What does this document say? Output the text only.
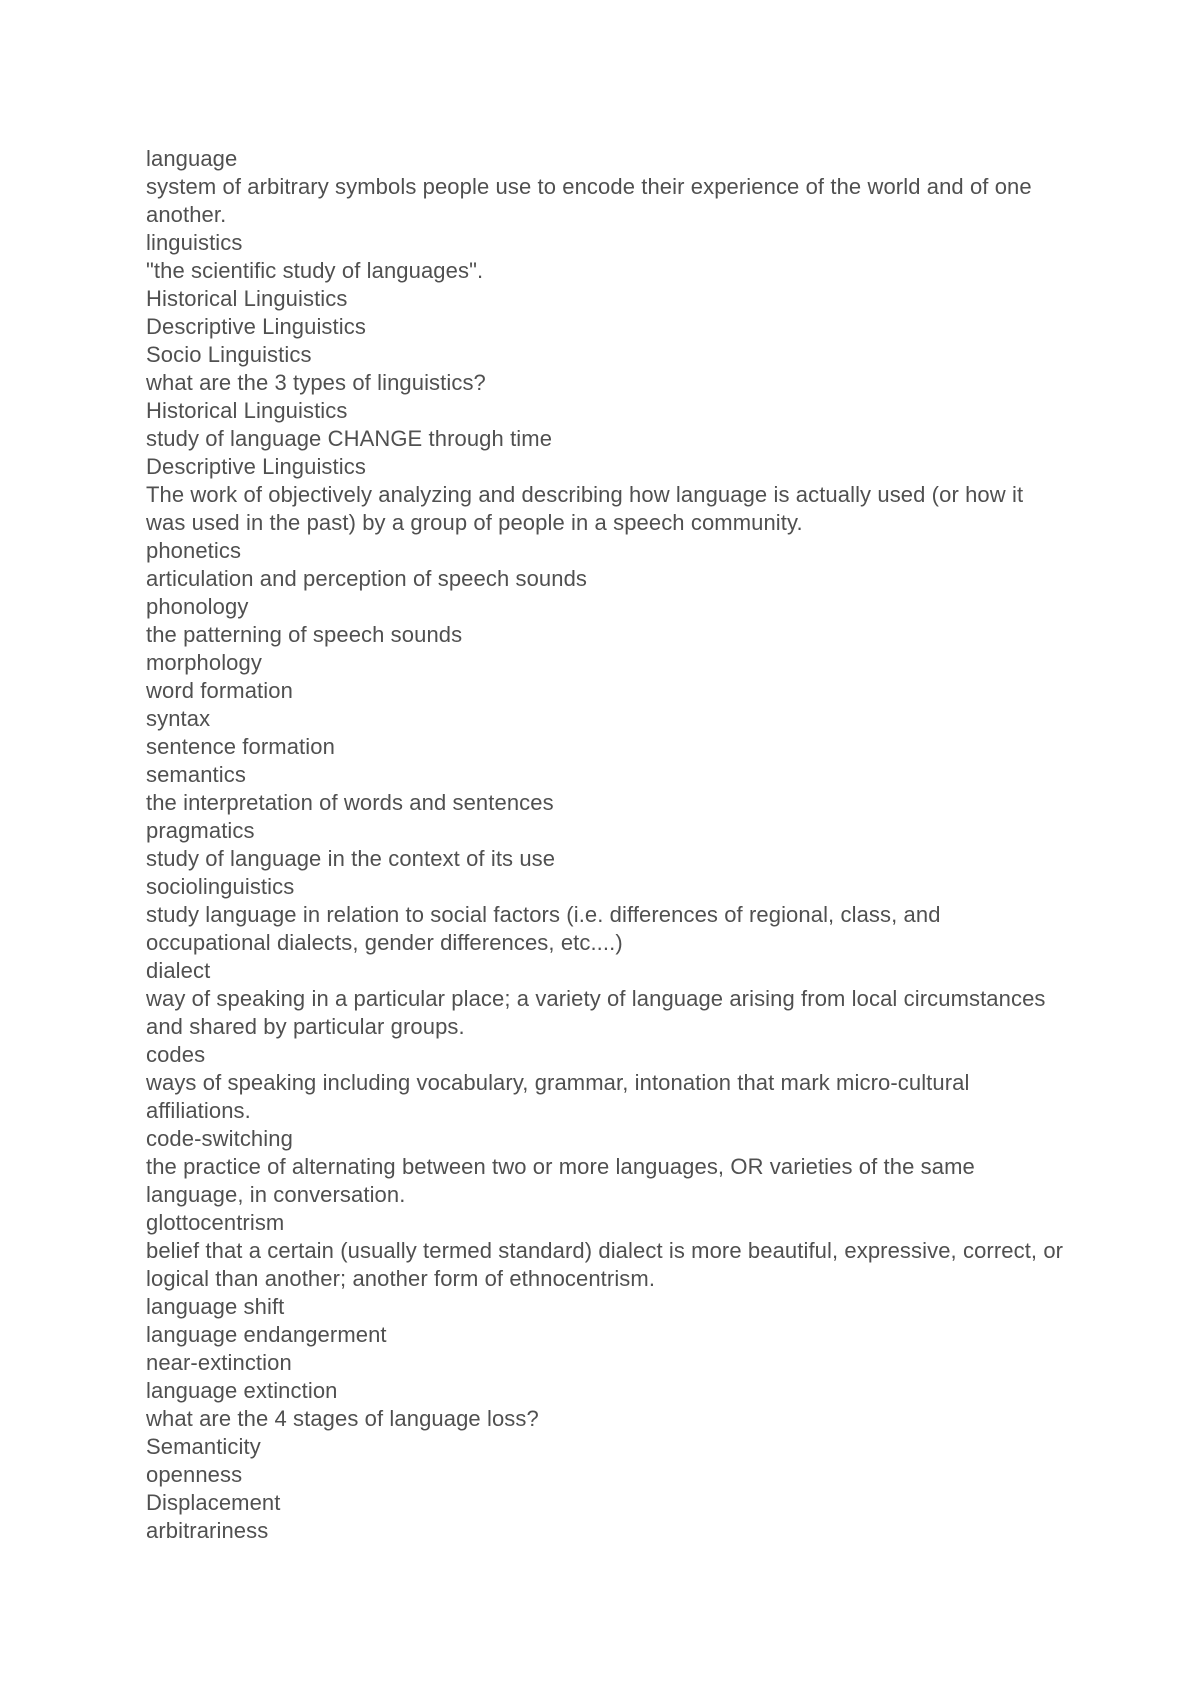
language

system of arbitrary symbols people use to encode their experience of the world and of one another.

linguistics

"the scientific study of languages".

Historical Linguistics

Descriptive Linguistics

Socio Linguistics

what are the 3 types of linguistics?

Historical Linguistics

study of language CHANGE through time

Descriptive Linguistics

The work of objectively analyzing and describing how language is actually used (or how it was used in the past) by a group of people in a speech community.

phonetics

articulation and perception of speech sounds

phonology

the patterning of speech sounds

morphology

word formation

syntax

sentence formation

semantics

the interpretation of words and sentences

pragmatics

study of language in the context of its use

sociolinguistics

study language in relation to social factors (i.e. differences of regional, class, and occupational dialects, gender differences, etc....)

dialect

way of speaking in a particular place; a variety of language arising from local circumstances and shared by particular groups.

codes

ways of speaking including vocabulary, grammar, intonation that mark micro-cultural affiliations.

code-switching

the practice of alternating between two or more languages, OR varieties of the same language, in conversation.

glottocentrism

belief that a certain (usually termed standard) dialect is more beautiful, expressive, correct, or logical than another; another form of ethnocentrism.

language shift

language endangerment

near-extinction

language extinction

what are the 4 stages of language loss?

Semanticity

openness

Displacement

arbitrariness
